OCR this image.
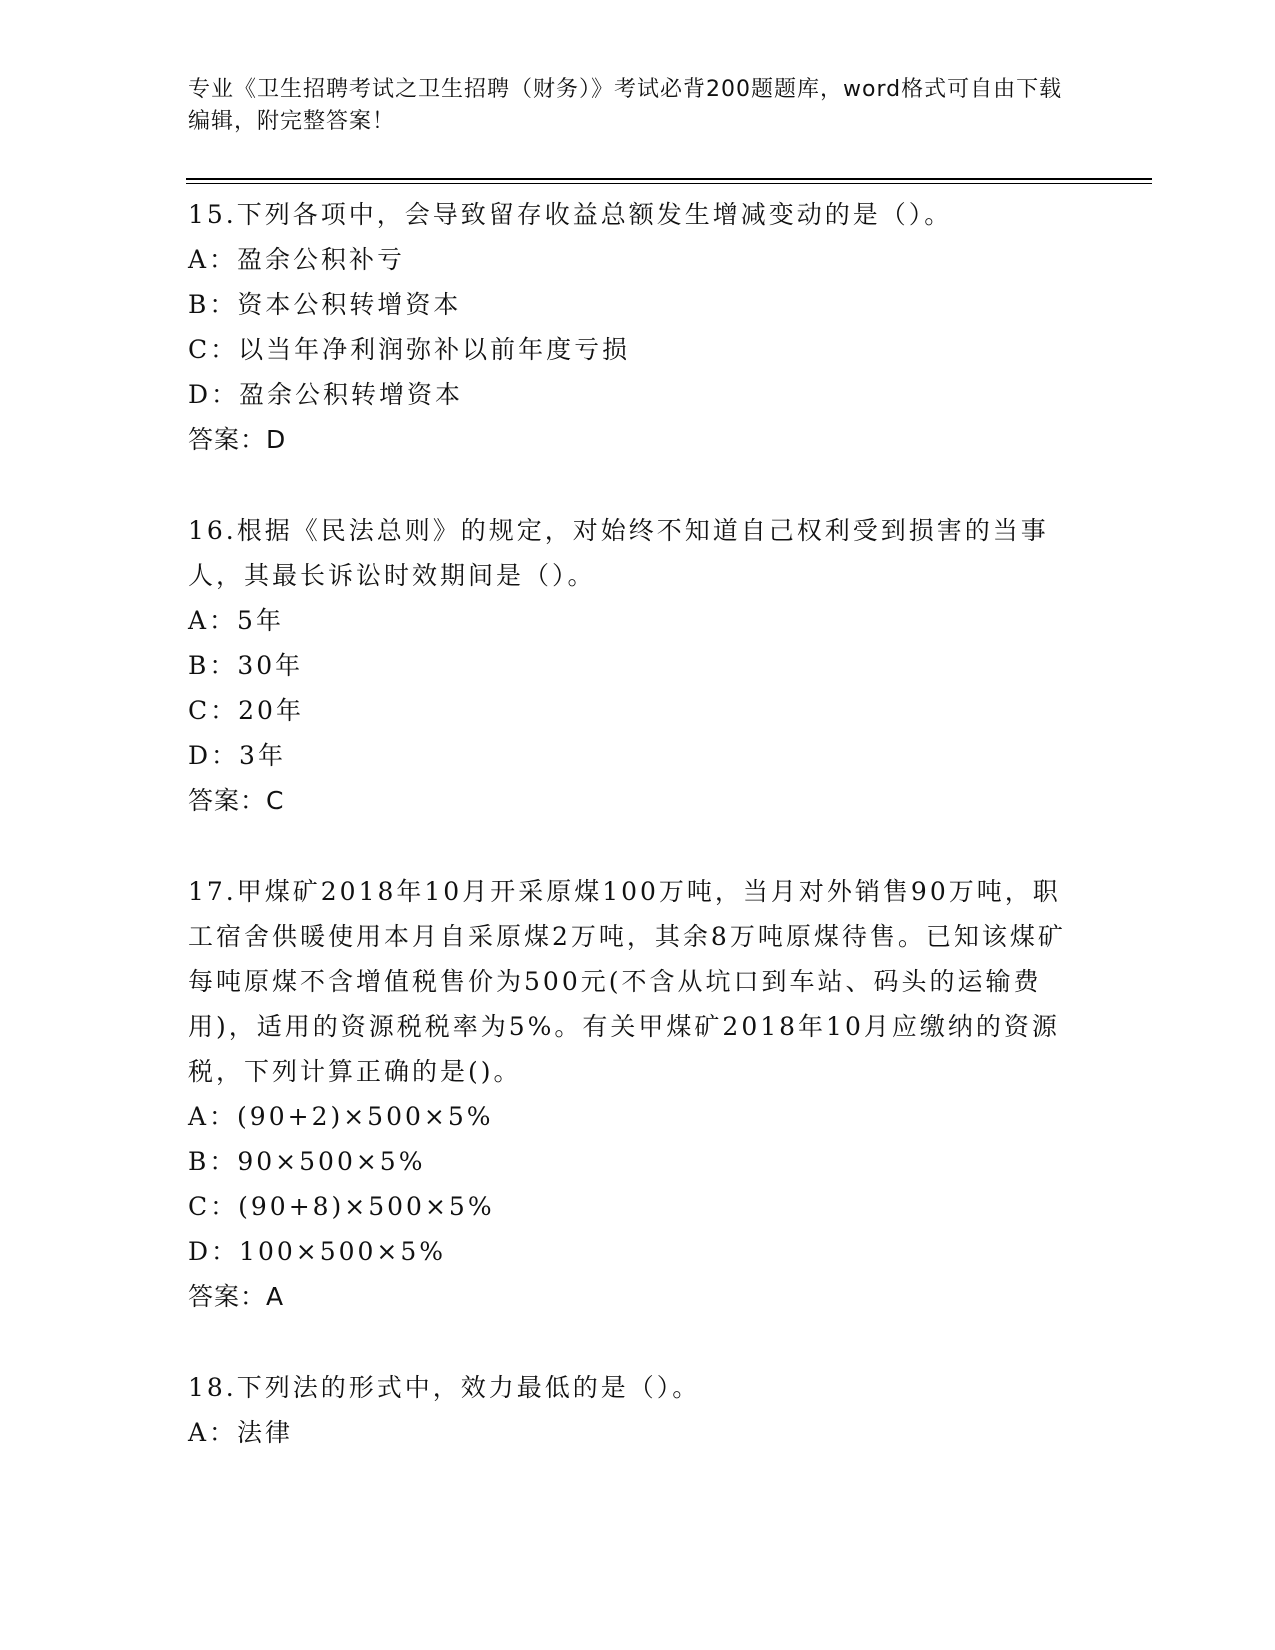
专业《卫生招聘考试之卫生招聘（财务）》考试必背200题题库，word格式可自由下载编辑，附完整答案！
15.下列各项中，会导致留存收益总额发生增减变动的是（）。
A：盈余公积补亏
B：资本公积转增资本
C：以当年净利润弥补以前年度亏损
D：盈余公积转增资本
答案：D
16.根据《民法总则》的规定，对始终不知道自己权利受到损害的当事人，其最长诉讼时效期间是（）。
A：5年
B：30年
C：20年
D：3年
答案：C
17.甲煤矿2018年10月开采原煤100万吨，当月对外销售90万吨，职工宿舍供暖使用本月自采原煤2万吨，其余8万吨原煤待售。已知该煤矿每吨原煤不含增值税售价为500元(不含从坑口到车站、码头的运输费用)，适用的资源税税率为5%。有关甲煤矿2018年10月应缴纳的资源税，下列计算正确的是()。
A：(90+2)×500×5%
B：90×500×5%
C：(90+8)×500×5%
D：100×500×5%
答案：A
18.下列法的形式中，效力最低的是（）。
A：法律
